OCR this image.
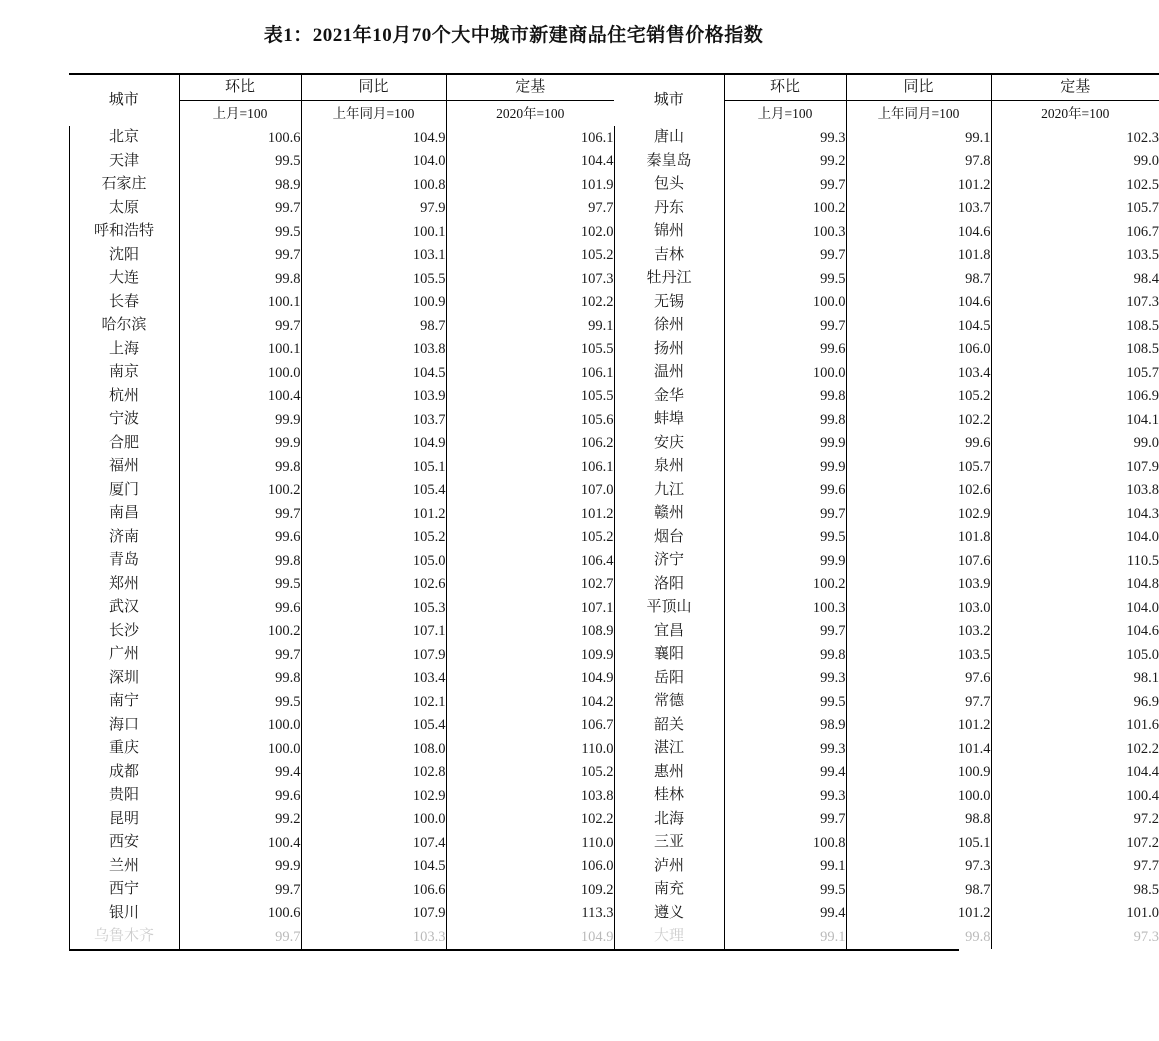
表1：2021年10月70个大中城市新建商品住宅销售价格指数
城市	环比	同比	定基	城市	环比	同比	定基
	上月=100	上年同月=100	2020年=100		上月=100	上年同月=100	2020年=100
北京	100.6	104.9	106.1	唐山	99.3	99.1	102.3
天津	99.5	104.0	104.4	秦皇岛	99.2	97.8	99.0
石家庄	98.9	100.8	101.9	包头	99.7	101.2	102.5
太原	99.7	97.9	97.7	丹东	100.2	103.7	105.7
呼和浩特	99.5	100.1	102.0	锦州	100.3	104.6	106.7
沈阳	99.7	103.1	105.2	吉林	99.7	101.8	103.5
大连	99.8	105.5	107.3	牡丹江	99.5	98.7	98.4
长春	100.1	100.9	102.2	无锡	100.0	104.6	107.3
哈尔滨	99.7	98.7	99.1	徐州	99.7	104.5	108.5
上海	100.1	103.8	105.5	扬州	99.6	106.0	108.5
南京	100.0	104.5	106.1	温州	100.0	103.4	105.7
杭州	100.4	103.9	105.5	金华	99.8	105.2	106.9
宁波	99.9	103.7	105.6	蚌埠	99.8	102.2	104.1
合肥	99.9	104.9	106.2	安庆	99.9	99.6	99.0
福州	99.8	105.1	106.1	泉州	99.9	105.7	107.9
厦门	100.2	105.4	107.0	九江	99.6	102.6	103.8
南昌	99.7	101.2	101.2	赣州	99.7	102.9	104.3
济南	99.6	105.2	105.2	烟台	99.5	101.8	104.0
青岛	99.8	105.0	106.4	济宁	99.9	107.6	110.5
郑州	99.5	102.6	102.7	洛阳	100.2	103.9	104.8
武汉	99.6	105.3	107.1	平顶山	100.3	103.0	104.0
长沙	100.2	107.1	108.9	宜昌	99.7	103.2	104.6
广州	99.7	107.9	109.9	襄阳	99.8	103.5	105.0
深圳	99.8	103.4	104.9	岳阳	99.3	97.6	98.1
南宁	99.5	102.1	104.2	常德	99.5	97.7	96.9
海口	100.0	105.4	106.7	韶关	98.9	101.2	101.6
重庆	100.0	108.0	110.0	湛江	99.3	101.4	102.2
成都	99.4	102.8	105.2	惠州	99.4	100.9	104.4
贵阳	99.6	102.9	103.8	桂林	99.3	100.0	100.4
昆明	99.2	100.0	102.2	北海	99.7	98.8	97.2
西安	100.4	107.4	110.0	三亚	100.8	105.1	107.2
兰州	99.9	104.5	106.0	泸州	99.1	97.3	97.7
西宁	99.7	106.6	109.2	南充	99.5	98.7	98.5
银川	100.6	107.9	113.3	遵义	99.4	101.2	101.0
乌鲁木齐	99.7	103.3	104.9	大理	99.1	99.8	97.3
